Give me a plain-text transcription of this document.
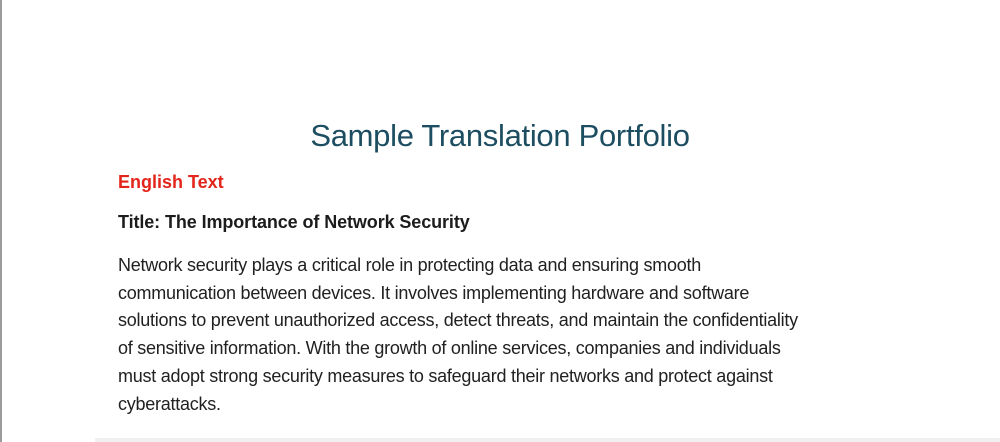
Sample Translation Portfolio
English Text
Title: The Importance of Network Security
Network security plays a critical role in protecting data and ensuring smooth
communication between devices. It involves implementing hardware and software
solutions to prevent unauthorized access, detect threats, and maintain the confidentiality
of sensitive information. With the growth of online services, companies and individuals
must adopt strong security measures to safeguard their networks and protect against
cyberattacks.
